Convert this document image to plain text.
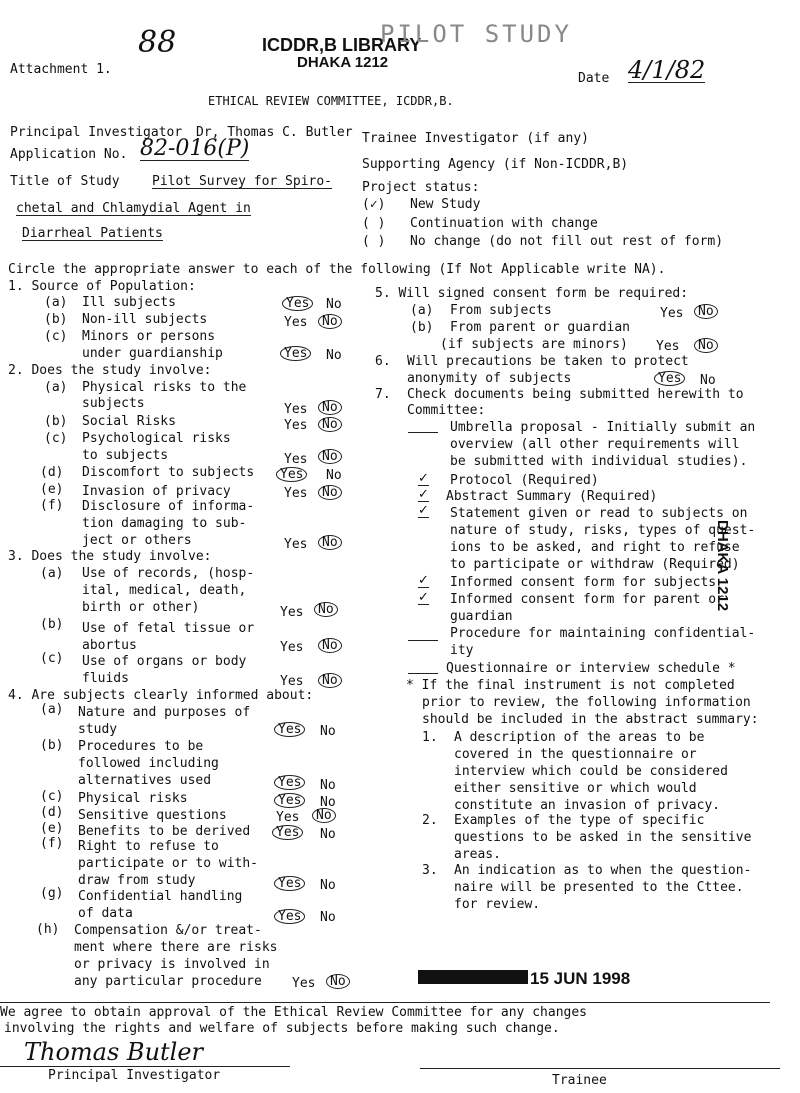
88	ICDDR,B LIBRARY
DHAKA 1212
PILOT STUDY
Attachment 1.
Date 4/1/82
ETHICAL REVIEW COMMITTEE, ICDDR,B.
Principal Investigator Dr, Thomas C. Butler Trainee Investigator (if any)
Application No. 82-016(P)
Supporting Agency (if Non-ICDDR,B)
Title of Study Pilot Survey for Spiro-
chetal and Chlamydial Agent in
Diarrheal Patients
Project status:
(✓) New Study
( ) Continuation with change
( ) No change (do not fill out rest of form)
Circle the appropriate answer to each of the following (If Not Applicable write NA).
1. Source of Population:
(a) Ill subjects	Yes	No
(b) Non-ill subjects	Yes	No
(c) Minors or persons
under guardianship	Yes	No
2. Does the study involve:
(a) Physical risks to the
subjects	Yes	No
(b) Social Risks	Yes	No
(c) Psychological risks
to subjects	Yes	No
(d) Discomfort to subjects	Yes	No
(e) Invasion of privacy	Yes	No
(f) Disclosure of informa-
tion damaging to sub-
ject or others	Yes	No
3. Does the study involve:
(a) Use of records, (hosp-
ital, medical, death,
birth or other)	Yes	No
(b) Use of fetal tissue or
abortus	Yes	No
(c) Use of organs or body
fluids	Yes	No
4. Are subjects clearly informed about:
(a) Nature and purposes of
study	Yes	No
(b) Procedures to be
followed including
alternatives used	Yes	No
(c) Physical risks	Yes	No
(d) Sensitive questions	Yes	No
(e) Benefits to be derived	Yes	No
(f) Right to refuse to
participate or to with-
draw from study	Yes	No
(g) Confidential handling
of data	Yes	No
(h) Compensation &/or treat-
ment where there are risks
or privacy is involved in
any particular procedure Yes	No
5. Will signed consent form be required:
(a) From subjects	Yes	No
(b) From parent or guardian
(if subjects are minors) Yes	No
6. Will precautions be taken to protect
anonymity of subjects	Yes	No
7. Check documents being submitted herewith to
Committee:
Umbrella proposal - Initially submit an
overview (all other requirements will
be submitted with individual studies).
✓ Protocol (Required)
✓ Abstract Summary (Required)
✓ Statement given or read to subjects on
nature of study, risks, types of quest-
ions to be asked, and right to refuse
to participate or withdraw (Required)
✓ Informed consent form for subjects
✓ Informed consent form for parent or
guardian
Procedure for maintaining confidential-
ity
Questionnaire or interview schedule *
* If the final instrument is not completed
prior to review, the following information
should be included in the abstract summary:
1. A description of the areas to be
covered in the questionnaire or
interview which could be considered
either sensitive or which would
constitute an invasion of privacy.
2. Examples of the type of specific
questions to be asked in the sensitive
areas.
3. An indication as to when the question-
naire will be presented to the Cttee.
for review.
15 JUN 1998
DHAKA 1212
We agree to obtain approval of the Ethical Review Committee for any changes
involving the rights and welfare of subjects before making such change.
Thomas Butler
Principal Investigator	Trainee
